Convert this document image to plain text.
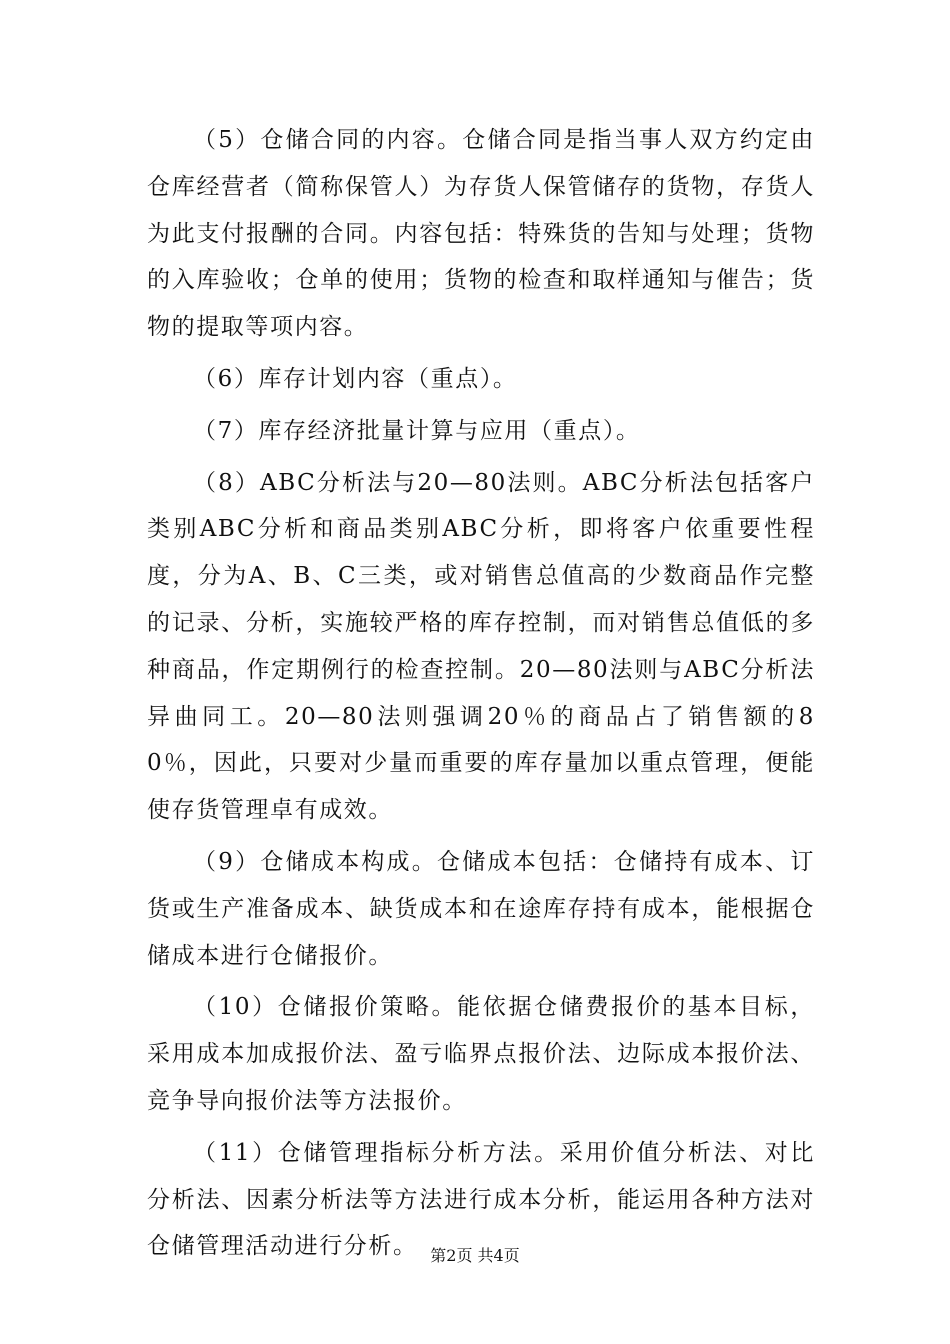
（5）仓储合同的内容。仓储合同是指当事人双方约定由仓库经营者（简称保管人）为存货人保管储存的货物，存货人为此支付报酬的合同。内容包括：特殊货的告知与处理；货物的入库验收；仓单的使用；货物的检查和取样通知与催告；货物的提取等项内容。

（6）库存计划内容（重点）。

（7）库存经济批量计算与应用（重点）。

（8）ABC分析法与20—80法则。ABC分析法包括客户类别ABC分析和商品类别ABC分析，即将客户依重要性程度，分为A、B、C三类，或对销售总值高的少数商品作完整的记录、分析，实施较严格的库存控制，而对销售总值低的多种商品，作定期例行的检查控制。20—80法则与ABC分析法异曲同工。20—80法则强调20％的商品占了销售额的80％，因此，只要对少量而重要的库存量加以重点管理，便能使存货管理卓有成效。

（9）仓储成本构成。仓储成本包括：仓储持有成本、订货或生产准备成本、缺货成本和在途库存持有成本，能根据仓储成本进行仓储报价。

（10）仓储报价策略。能依据仓储费报价的基本目标，采用成本加成报价法、盈亏临界点报价法、边际成本报价法、竞争导向报价法等方法报价。

（11）仓储管理指标分析方法。采用价值分析法、对比分析法、因素分析法等方法进行成本分析，能运用各种方法对仓储管理活动进行分析。 第2页 共4页
